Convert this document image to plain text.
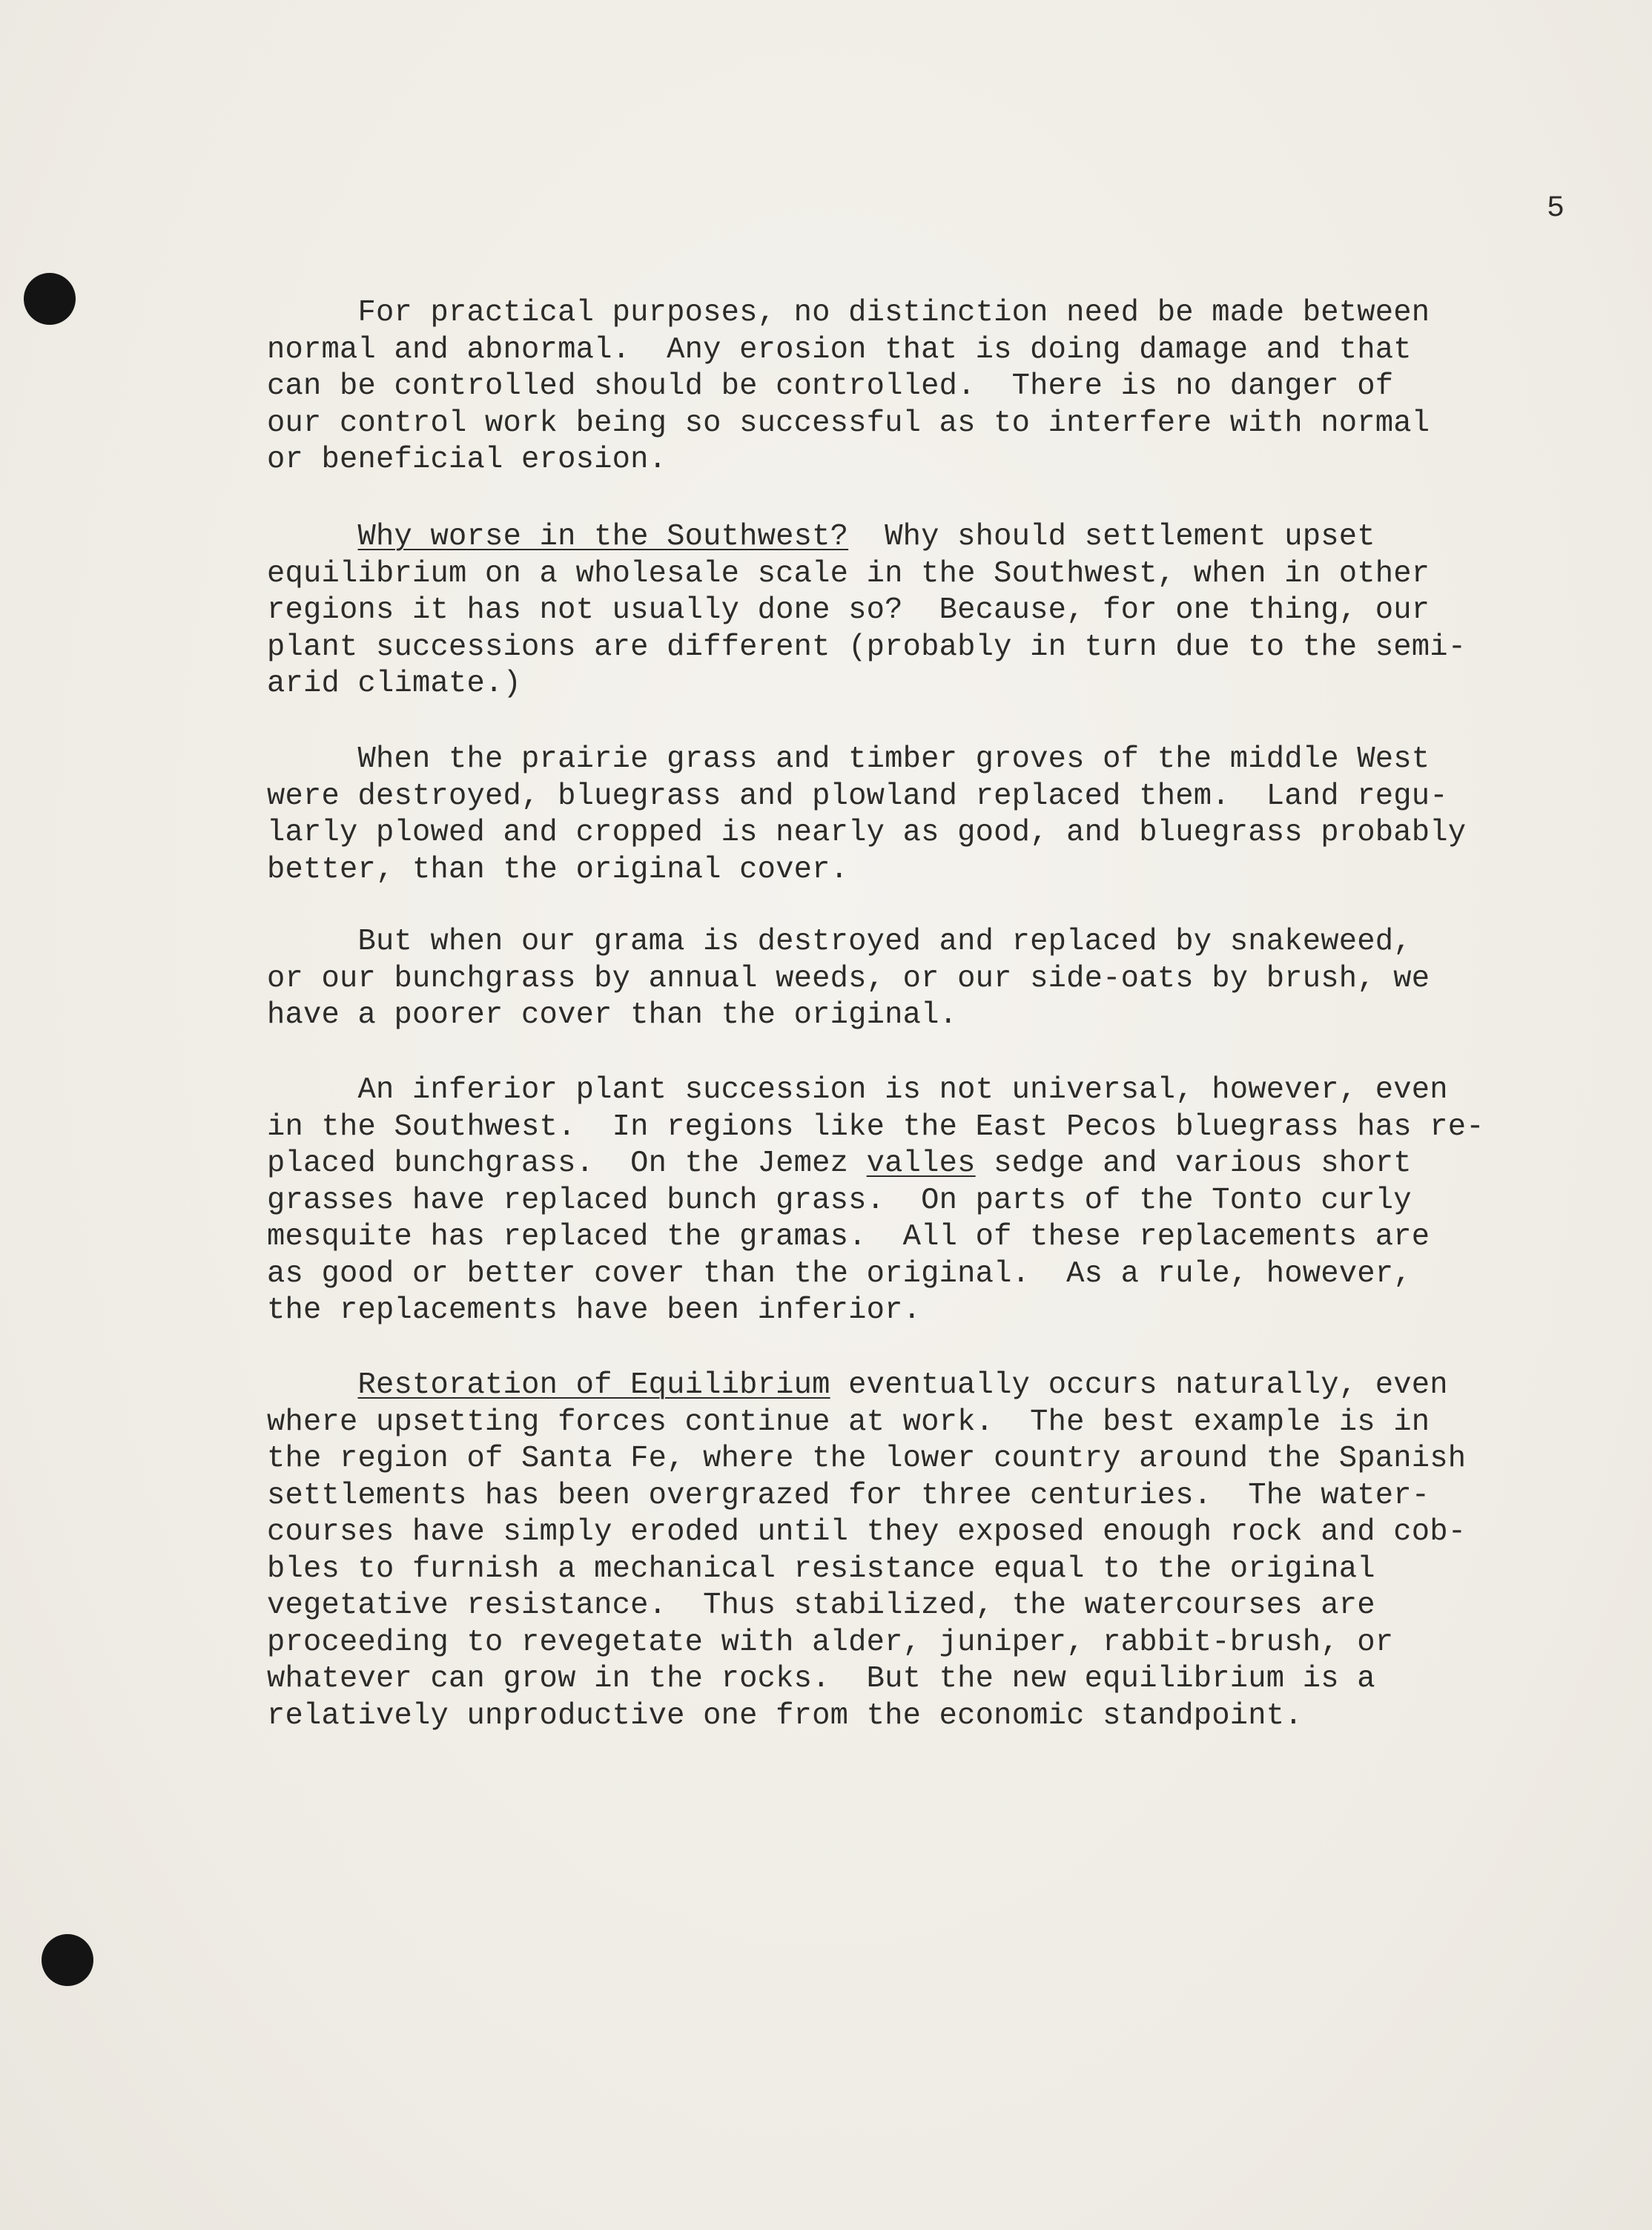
5

For practical purposes, no distinction need be made between
normal and abnormal.  Any erosion that is doing damage and that
can be controlled should be controlled.  There is no danger of
our control work being so successful as to interfere with normal
or beneficial erosion.

Why worse in the Southwest?  Why should settlement upset
equilibrium on a wholesale scale in the Southwest, when in other
regions it has not usually done so?  Because, for one thing, our
plant successions are different (probably in turn due to the semi-
arid climate.)

When the prairie grass and timber groves of the middle West
were destroyed, bluegrass and plowland replaced them.  Land regu-
larly plowed and cropped is nearly as good, and bluegrass probably
better, than the original cover.

But when our grama is destroyed and replaced by snakeweed,
or our bunchgrass by annual weeds, or our side-oats by brush, we
have a poorer cover than the original.

An inferior plant succession is not universal, however, even
in the Southwest.  In regions like the East Pecos bluegrass has re-
placed bunchgrass.  On the Jemez valles sedge and various short
grasses have replaced bunch grass.  On parts of the Tonto curly
mesquite has replaced the gramas.  All of these replacements are
as good or better cover than the original.  As a rule, however,
the replacements have been inferior.

Restoration of Equilibrium eventually occurs naturally, even
where upsetting forces continue at work.  The best example is in
the region of Santa Fe, where the lower country around the Spanish
settlements has been overgrazed for three centuries.  The water-
courses have simply eroded until they exposed enough rock and cob-
bles to furnish a mechanical resistance equal to the original
vegetative resistance.  Thus stabilized, the watercourses are
proceeding to revegetate with alder, juniper, rabbit-brush, or
whatever can grow in the rocks.  But the new equilibrium is a
relatively unproductive one from the economic standpoint.
